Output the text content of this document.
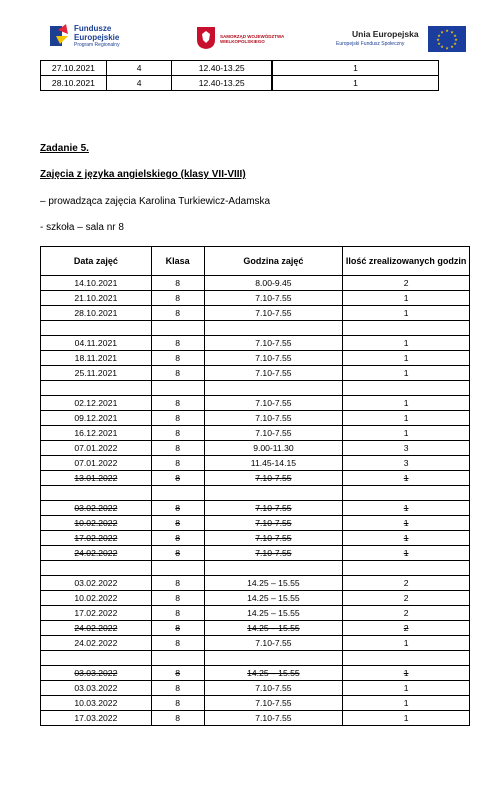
Fundusze Europejskie
Program Regionalny
SAMORZĄD WOJEWÓDZTWA WIELKOPOLSKIEGO
Unia Europejska
Europejski Fundusz Społeczny
★ ★
★
★
★
★
★
★
★
★
★
★
27.10.2021	4	12.40-13.25		1
28.10.2021	4	12.40-13.25		1
Zadanie 5.
Zajęcia z języka angielskiego (klasy VII-VIII)
– prowadząca zajęcia Karolina Turkiewicz-Adamska
- szkoła – sala nr 8
Data zajęć	Klasa	Godzina zajęć	Ilość zrealizowanych godzin
14.10.2021	8	8.00-9.45	2
21.10.2021	8	7.10-7.55	1
28.10.2021	8	7.10-7.55	1

04.11.2021	8	7.10-7.55	1
18.11.2021	8	7.10-7.55	1
25.11.2021	8	7.10-7.55	1

02.12.2021	8	7.10-7.55	1
09.12.2021	8	7.10-7.55	1
16.12.2021	8	7.10-7.55	1
07.01.2022	8	9.00-11.30	3
07.01.2022	8	11.45-14.15	3
13.01.2022	8	7.10-7.55	1

03.02.2022	8	7.10-7.55	1
10.02.2022	8	7.10-7.55	1
17.02.2022	8	7.10-7.55	1
24.02.2022	8	7.10-7.55	1

03.02.2022	8	14.25 – 15.55	2
10.02.2022	8	14.25 – 15.55	2
17.02.2022	8	14.25 – 15.55	2
24.02.2022	8	14.25 – 15.55	2
24.02.2022	8	7.10-7.55	1

03.03.2022	8	14.25 – 15.55	1
03.03.2022	8	7.10-7.55	1
10.03.2022	8	7.10-7.55	1
17.03.2022	8	7.10-7.55	1
